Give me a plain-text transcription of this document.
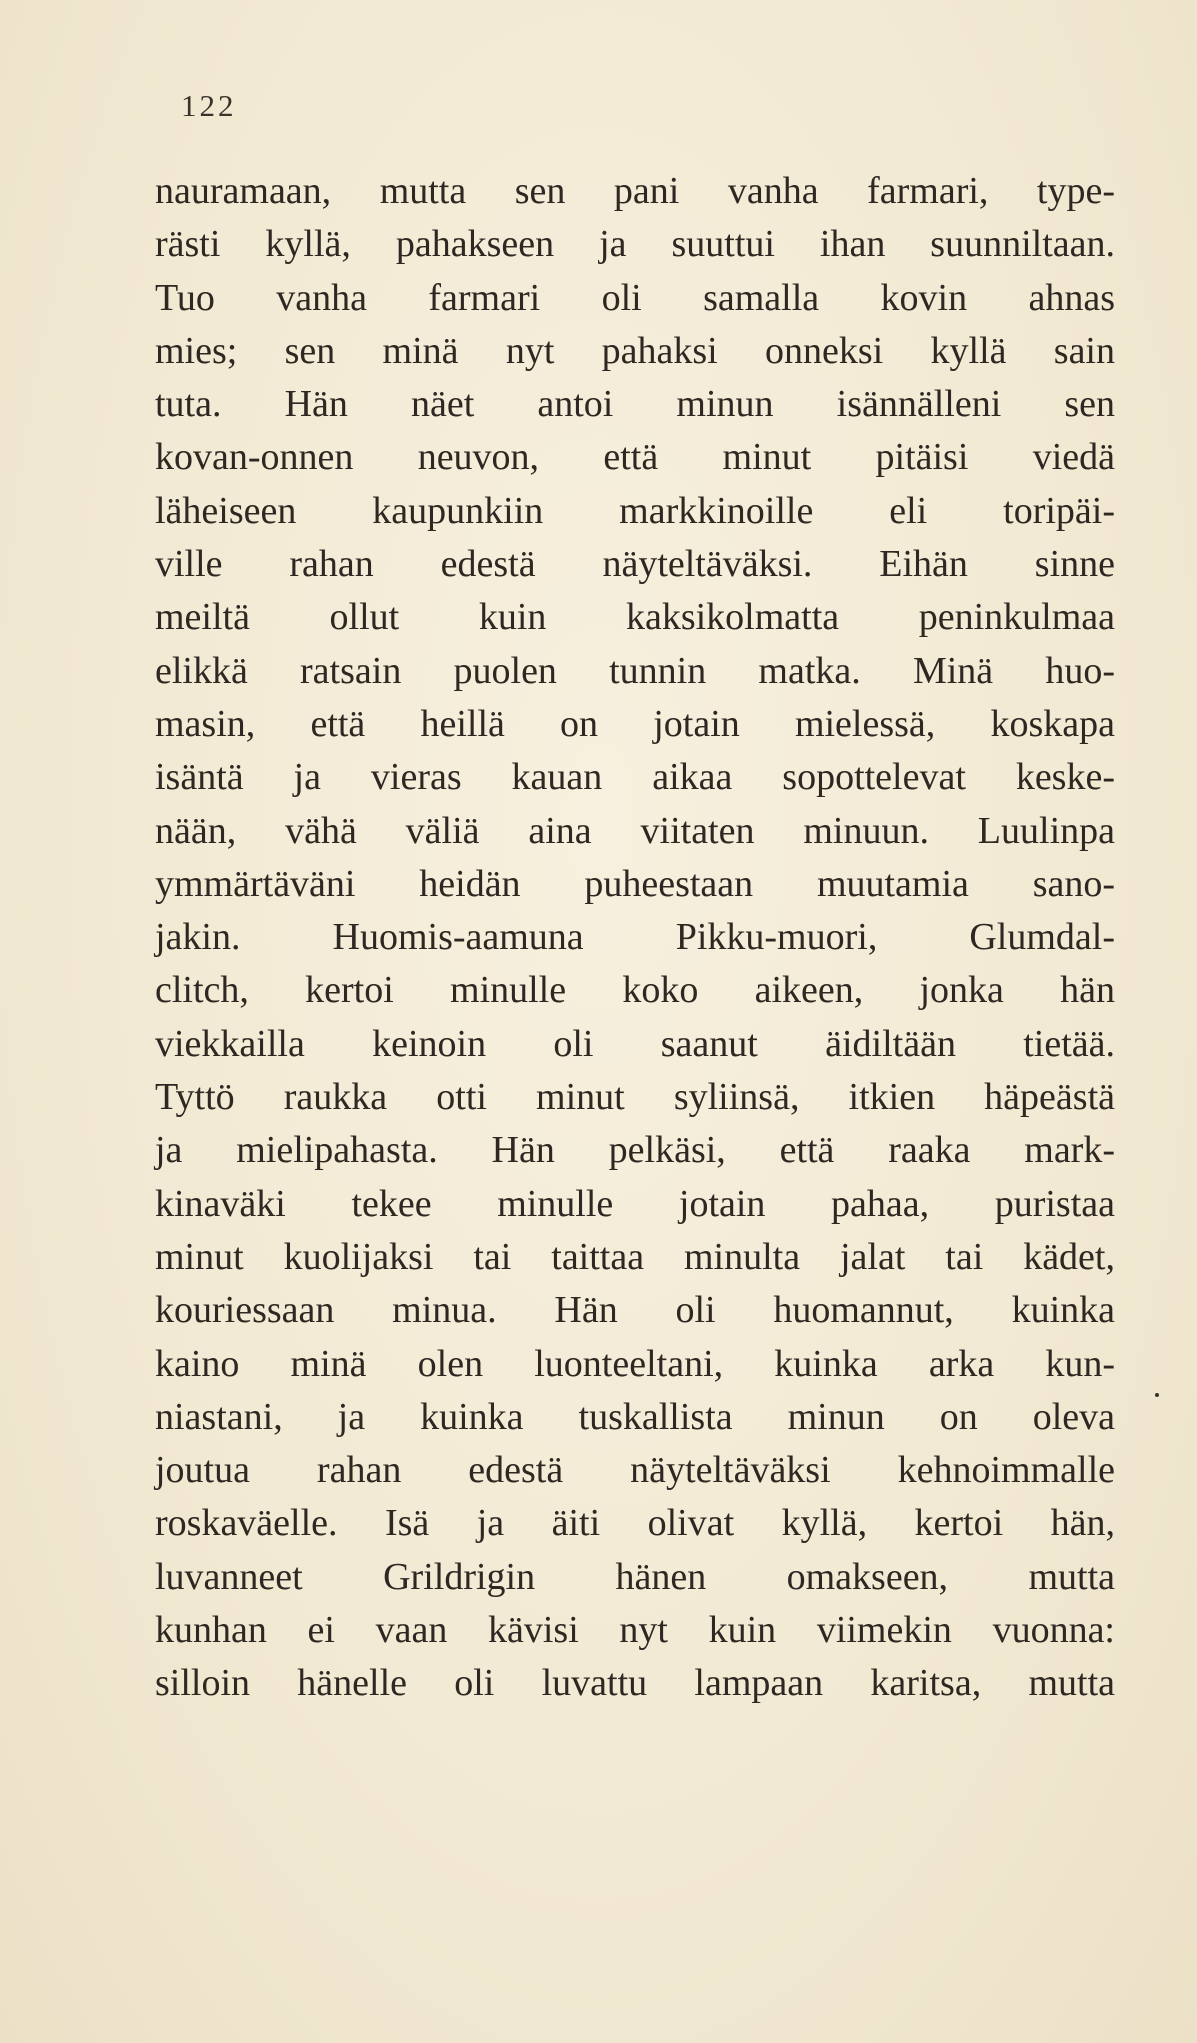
122
nauramaan, mutta sen pani vanha farmari, type-
rästi kyllä, pahakseen ja suuttui ihan suunniltaan.
Tuo vanha farmari oli samalla kovin ahnas
mies; sen minä nyt pahaksi onneksi kyllä sain
tuta. Hän näet antoi minun isännälleni sen
kovan-onnen neuvon, että minut pitäisi viedä
läheiseen kaupunkiin markkinoille eli toripäi-
ville rahan edestä näyteltäväksi. Eihän sinne
meiltä ollut kuin kaksikolmatta peninkulmaa
elikkä ratsain puolen tunnin matka. Minä huo-
masin, että heillä on jotain mielessä, koskapa
isäntä ja vieras kauan aikaa sopottelevat keske-
nään, vähä väliä aina viitaten minuun. Luulinpa
ymmärtäväni heidän puheestaan muutamia sano-
jakin. Huomis-aamuna Pikku-muori, Glumdal-
clitch, kertoi minulle koko aikeen, jonka hän
viekkailla keinoin oli saanut äidiltään tietää.
Tyttö raukka otti minut syliinsä, itkien häpeästä
ja mielipahasta. Hän pelkäsi, että raaka mark-
kinaväki tekee minulle jotain pahaa, puristaa
minut kuolijaksi tai taittaa minulta jalat tai kädet,
kouriessaan minua. Hän oli huomannut, kuinka
kaino minä olen luonteeltani, kuinka arka kun-
niastani, ja kuinka tuskallista minun on oleva
joutua rahan edestä näyteltäväksi kehnoimmalle
roskaväelle. Isä ja äiti olivat kyllä, kertoi hän,
luvanneet Grildrigin hänen omakseen, mutta
kunhan ei vaan kävisi nyt kuin viimekin vuonna:
silloin hänelle oli luvattu lampaan karitsa, mutta
